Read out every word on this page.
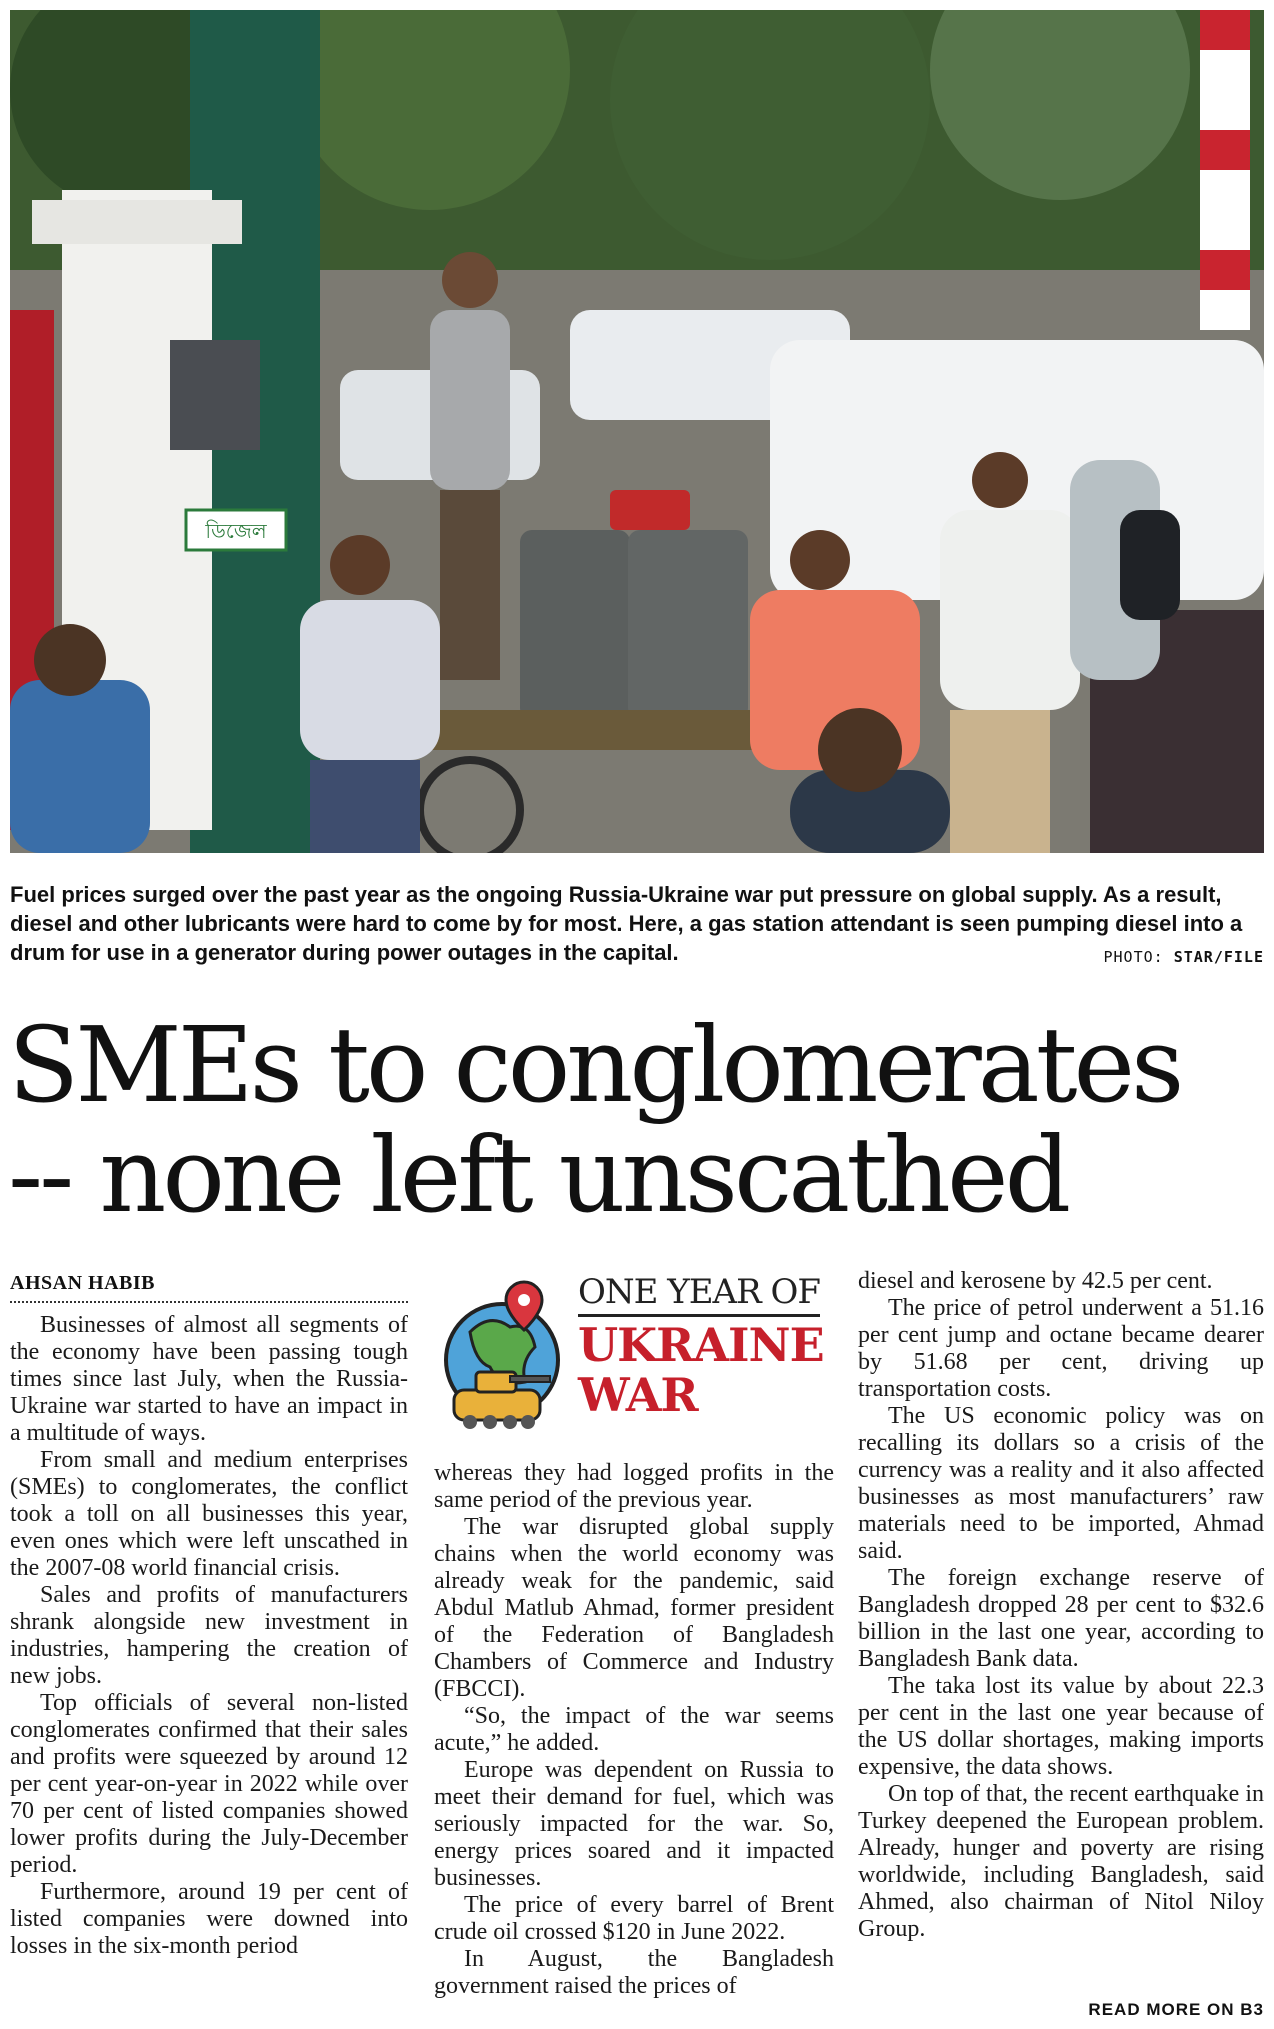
ডিজেল
Fuel prices surged over the past year as the ongoing Russia-Ukraine war put pressure on global supply. As a result, diesel and other lubricants were hard to come by for most. Here, a gas station attendant is seen pumping diesel into a drum for use in a generator during power outages in the capital.	PHOTO: STAR/FILE
SMEs to conglomerates
-- none left unscathed
AHSAN HABIB	ONE YEAR OF
UKRAINE
WAR

Businesses of almost all segments of the economy have been passing tough times since last July, when the Russia-Ukraine war started to have an impact in a multitude of ways.

From small and medium enterprises (SMEs) to conglomerates, the conflict took a toll on all businesses this year, even ones which were left unscathed in the 2007-08 world financial crisis.

Sales and profits of manufacturers shrank alongside new investment in industries, hampering the creation of new jobs.

Top officials of several non-listed conglomerates confirmed that their sales and profits were squeezed by around 12 per cent year-on-year in 2022 while over 70 per cent of listed companies showed lower profits during the July-December period.

Furthermore, around 19 per cent of listed companies were downed into losses in the six-month period

whereas they had logged profits in the same period of the previous year.

The war disrupted global supply chains when the world economy was already weak for the pandemic, said Abdul Matlub Ahmad, former president of the Federation of Bangladesh Chambers of Commerce and Industry (FBCCI).

“So, the impact of the war seems acute,” he added.

Europe was dependent on Russia to meet their demand for fuel, which was seriously impacted for the war. So, energy prices soared and it impacted businesses.

The price of every barrel of Brent crude oil crossed $120 in June 2022.

In August, the Bangladesh government raised the prices of

diesel and kerosene by 42.5 per cent.

The price of petrol underwent a 51.16 per cent jump and octane became dearer by 51.68 per cent, driving up transportation costs.

The US economic policy was on recalling its dollars so a crisis of the currency was a reality and it also affected businesses as most manufacturers’ raw materials need to be imported, Ahmad said.

The foreign exchange reserve of Bangladesh dropped 28 per cent to $32.6 billion in the last one year, according to Bangladesh Bank data.

The taka lost its value by about 22.3 per cent in the last one year because of the US dollar shortages, making imports expensive, the data shows.

On top of that, the recent earthquake in Turkey deepened the European problem. Already, hunger and poverty are rising worldwide, including Bangladesh, said Ahmed, also chairman of Nitol Niloy Group.

READ MORE ON B3
